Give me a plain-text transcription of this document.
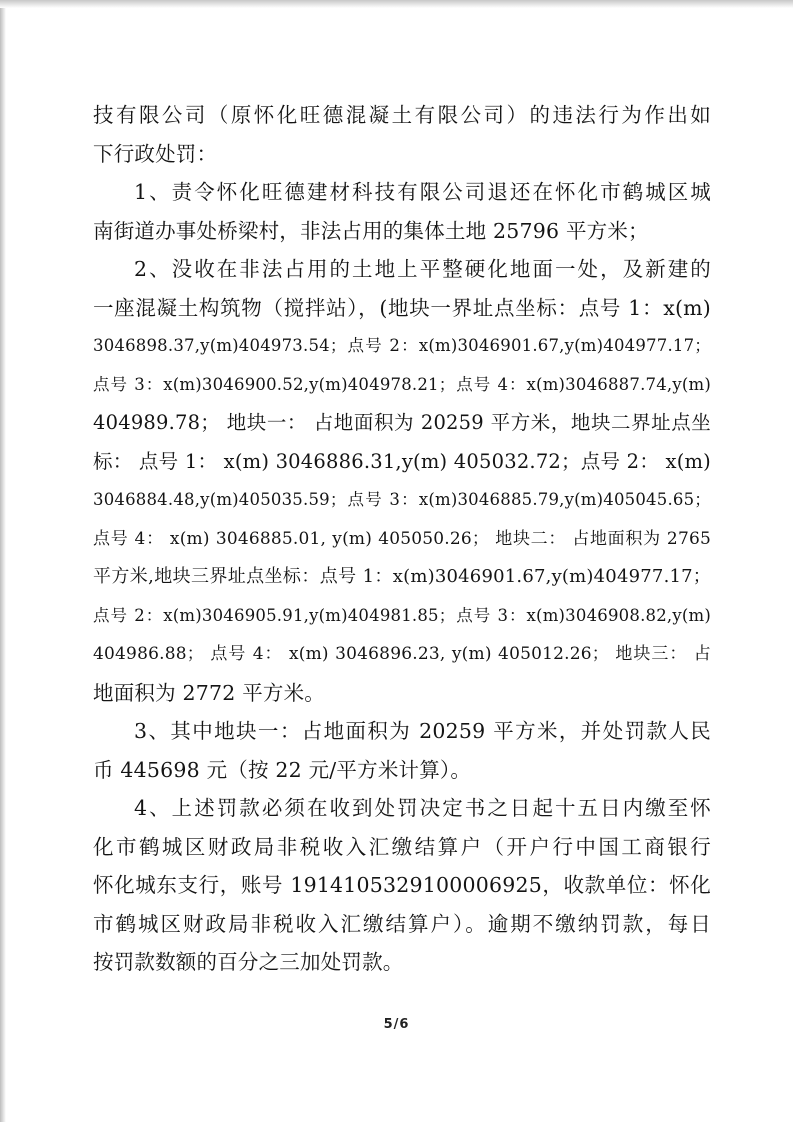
技有限公司（原怀化旺德混凝土有限公司）的违法行为作出如
下行政处罚：
1、责令怀化旺德建材科技有限公司退还在怀化市鹤城区城
南街道办事处桥梁村，非法占用的集体土地 25796 平方米；
2、没收在非法占用的土地上平整硬化地面一处，及新建的
一座混凝土构筑物（搅拌站），(地块一界址点坐标：点号 1：x(m)
3046898.37,y(m)404973.54；点号 2：x(m)3046901.67,y(m)404977.17；
点号 3：x(m)3046900.52,y(m)404978.21；点号 4：x(m)3046887.74,y(m)
404989.78； 地块一： 占地面积为 20259 平方米，地块二界址点坐
标： 点号 1： x(m) 3046886.31,y(m) 405032.72；点号 2： x(m)
3046884.48,y(m)405035.59；点号 3：x(m)3046885.79,y(m)405045.65；
点号 4： x(m) 3046885.01, y(m) 405050.26； 地块二： 占地面积为 2765
平方米,地块三界址点坐标：点号 1：x(m)3046901.67,y(m)404977.17；
点号 2：x(m)3046905.91,y(m)404981.85；点号 3：x(m)3046908.82,y(m)
404986.88； 点号 4： x(m) 3046896.23, y(m) 405012.26； 地块三： 占
地面积为 2772 平方米。
3、其中地块一：占地面积为 20259 平方米，并处罚款人民
币 445698 元（按 22 元/平方米计算）。
4、上述罚款必须在收到处罚决定书之日起十五日内缴至怀
化市鹤城区财政局非税收入汇缴结算户（开户行中国工商银行
怀化城东支行，账号 1914105329100006925，收款单位：怀化
市鹤城区财政局非税收入汇缴结算户）。逾期不缴纳罚款，每日
按罚款数额的百分之三加处罚款。
5/6
